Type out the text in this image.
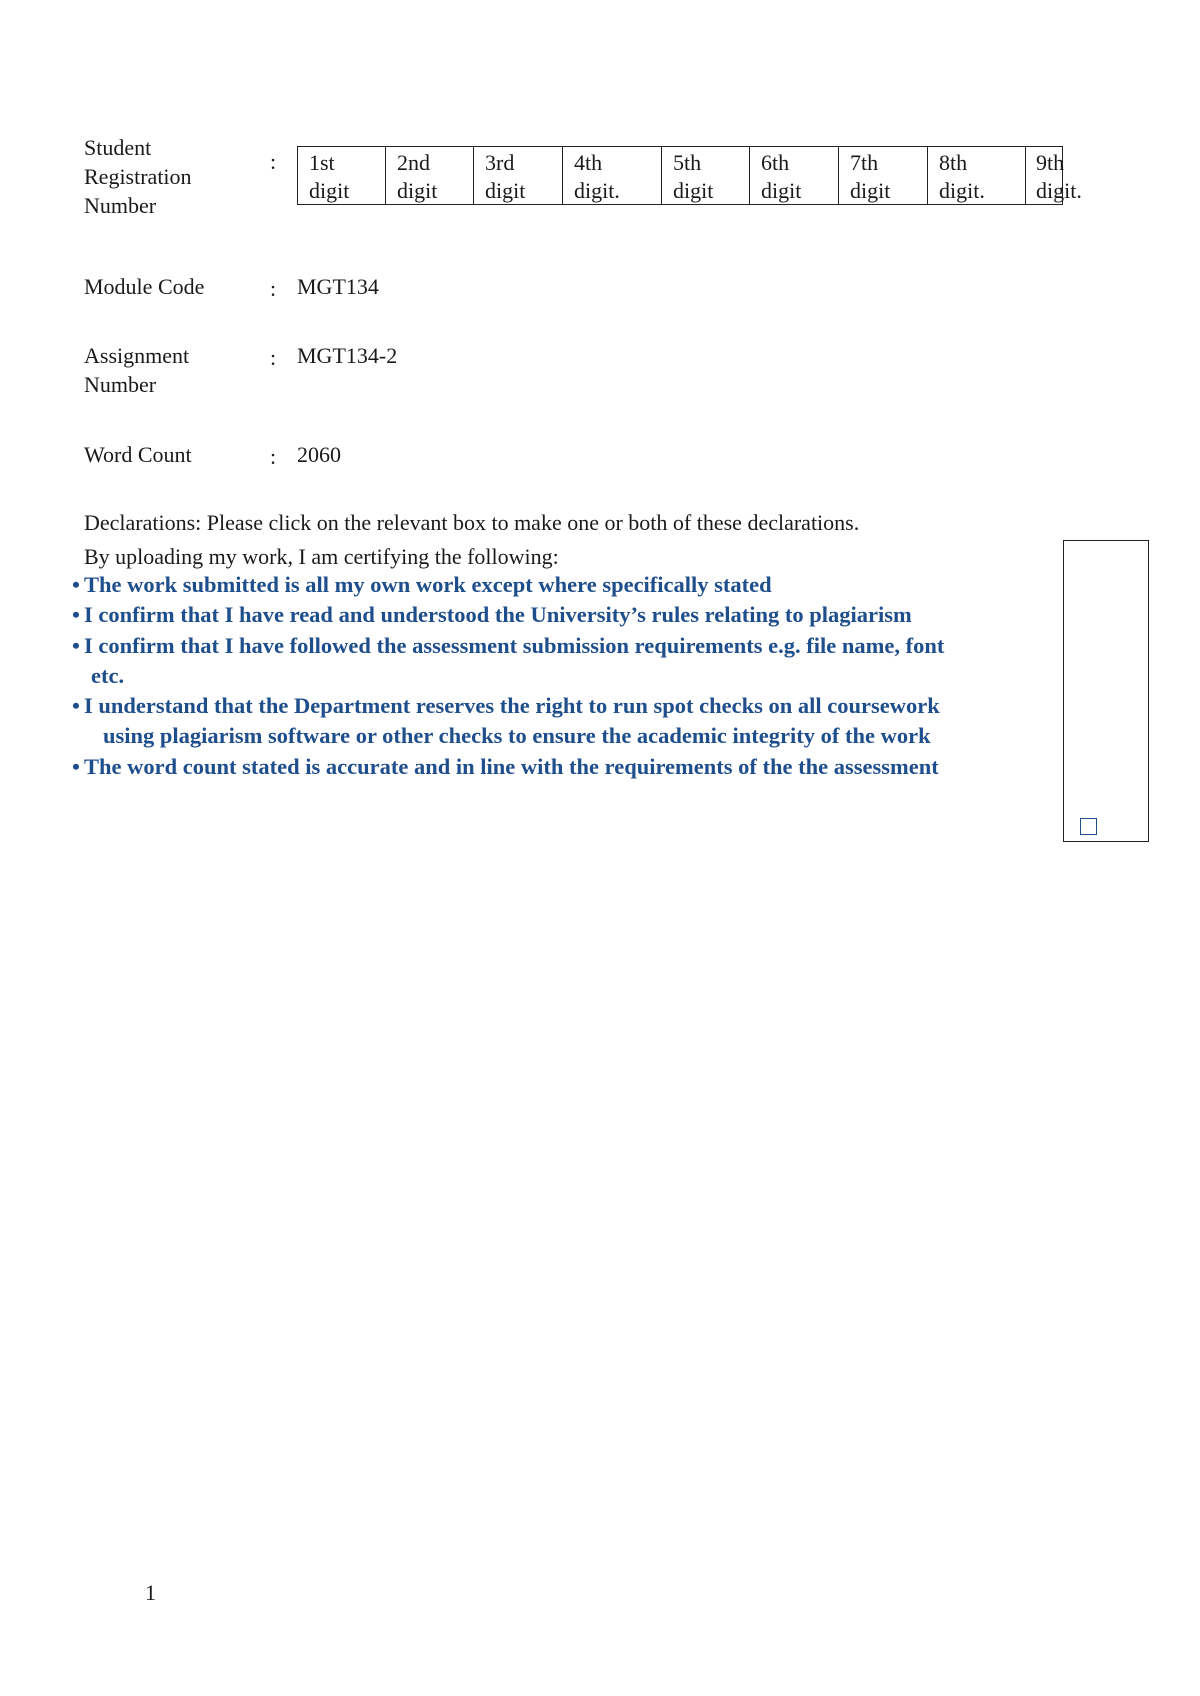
Student
Registration
Number
: 1st
digit
2nd
digit
3rd
digit
4th
digit.
5th
digit
6th
digit
7th
digit
8th
digit.
9th
digit.
Module Code	: MGT134
Assignment
Number
: MGT134-2
Word Count	: 2060
Declarations: Please click on the relevant box to make one or both of these declarations.
By uploading my work, I am certifying the following:
• The work submitted is all my own work except where specifically stated
• I confirm that I have read and understood the University’s rules relating to plagiarism
• I confirm that I have followed the assessment submission requirements e.g. file name, font
etc.
• I understand that the Department reserves the right to run spot checks on all coursework
using plagiarism software or other checks to ensure the academic integrity of the work
• The word count stated is accurate and in line with the requirements of the the assessment
1
